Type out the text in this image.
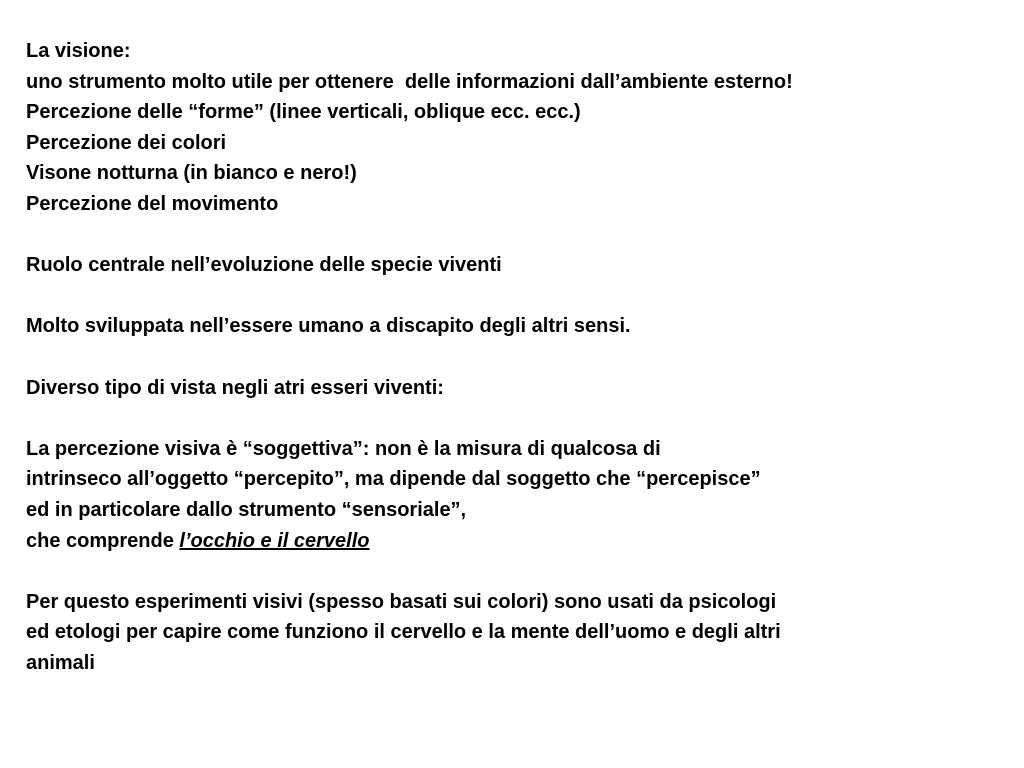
La visione:
uno strumento molto utile per ottenere  delle informazioni dall’ambiente esterno!
Percezione delle “forme” (linee verticali, oblique ecc. ecc.)
Percezione dei colori
Visone notturna (in bianco e nero!)
Percezione del movimento
Ruolo centrale nell’evoluzione delle specie viventi
Molto sviluppata nell’essere umano a discapito degli altri sensi.
Diverso tipo di vista negli atri esseri viventi:
La percezione visiva è “soggettiva”: non è la misura di qualcosa di
intrinseco all’oggetto “percepito”, ma dipende dal soggetto che “percepisce”
ed in particolare dallo strumento “sensoriale”,
che comprende l’occhio e il cervello
Per questo esperimenti visivi (spesso basati sui colori) sono usati da psicologi
ed etologi per capire come funziono il cervello e la mente dell’uomo e degli altri
animali
